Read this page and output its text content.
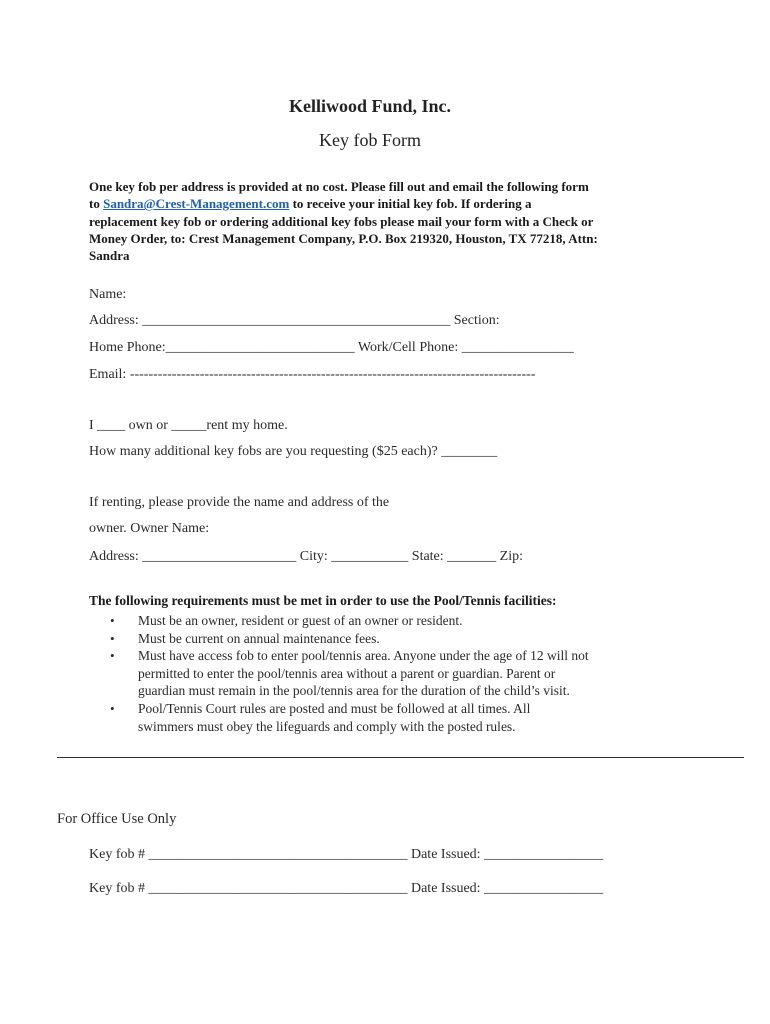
Kelliwood Fund, Inc.
Key fob Form
One key fob per address is provided at no cost. Please fill out and email the following form
to Sandra@Crest-Management.com to receive your initial key fob. If ordering a
replacement key fob or ordering additional key fobs please mail your form with a Check or
Money Order, to: Crest Management Company, P.O. Box 219320, Houston, TX 77218, Attn:
Sandra
Name:
Address: ____________________________________________ Section:
Home Phone:___________________________ Work/Cell Phone: ________________
Email: ---------------------------------------------------------------------------------------
I ____ own or _____rent my home.
How many additional key fobs are you requesting ($25 each)? ________
If renting, please provide the name and address of the
owner. Owner Name:
Address: ______________________ City: ___________ State: _______ Zip:
The following requirements must be met in order to use the Pool/Tennis facilities:
• Must be an owner, resident or guest of an owner or resident.
• Must be current on annual maintenance fees.
• Must have access fob to enter pool/tennis area. Anyone under the age of 12 will not
permitted to enter the pool/tennis area without a parent or guardian. Parent or
guardian must remain in the pool/tennis area for the duration of the child’s visit.
• Pool/Tennis Court rules are posted and must be followed at all times. All
swimmers must obey the lifeguards and comply with the posted rules.
For Office Use Only
Key fob # _____________________________________ Date Issued: _________________
Key fob # _____________________________________ Date Issued: _________________
